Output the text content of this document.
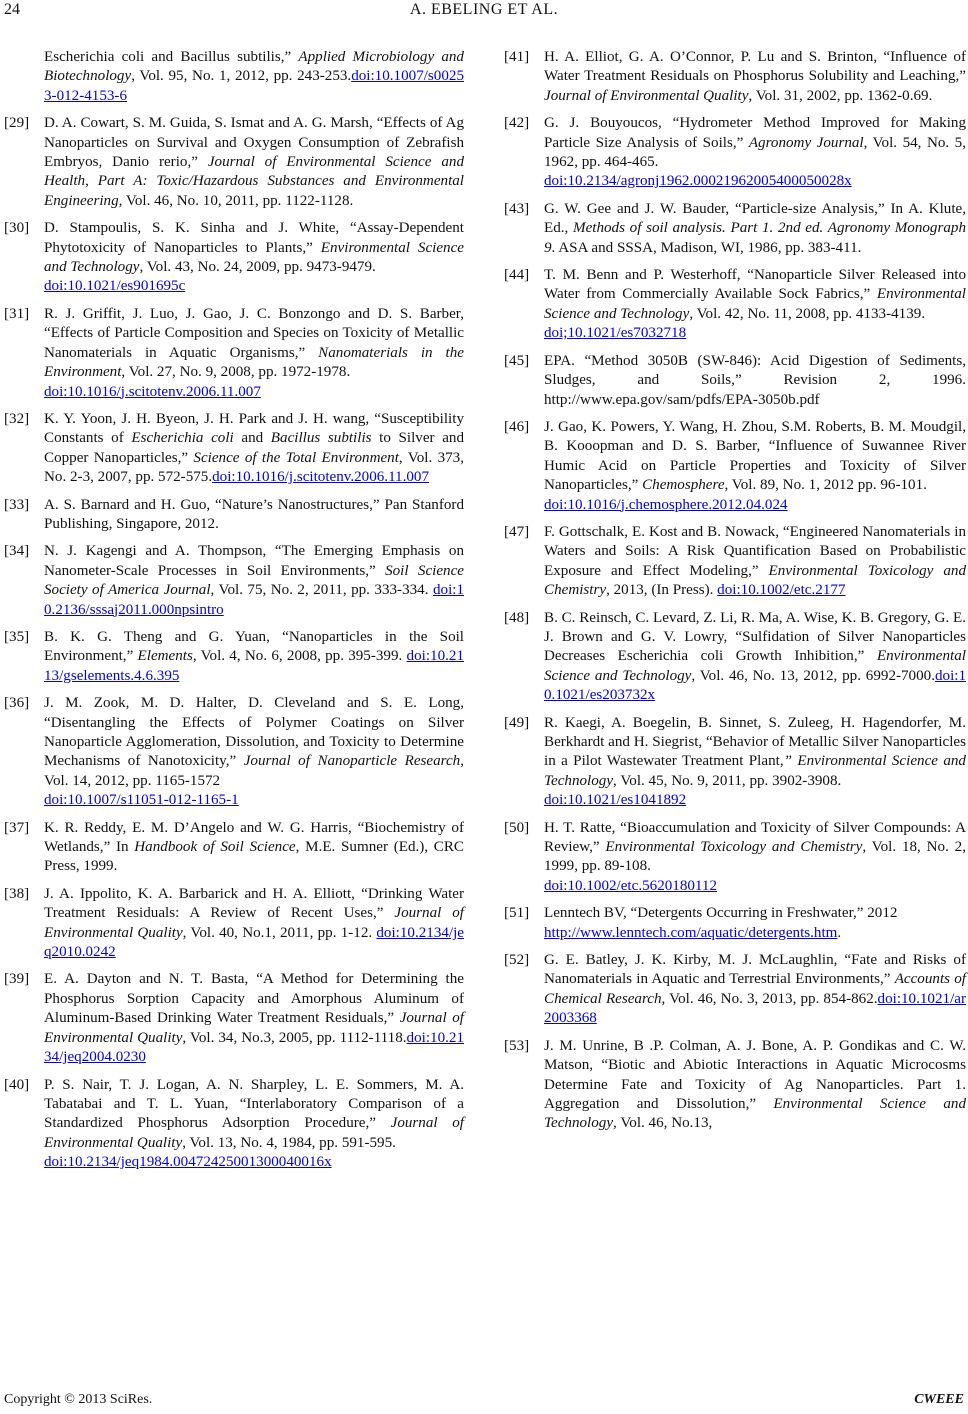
24	A. EBELING ET AL.
Escherichia coli and Bacillus subtilis,” Applied Microbiology and Biotechnology, Vol. 95, No. 1, 2012, pp. 243-253.doi:10.1007/s00253-012-4153-6
[29] D. A. Cowart, S. M. Guida, S. Ismat and A. G. Marsh, “Effects of Ag Nanoparticles on Survival and Oxygen Consumption of Zebrafish Embryos, Danio rerio,” Journal of Environmental Science and Health, Part A: Toxic/Hazardous Substances and Environmental Engineering, Vol. 46, No. 10, 2011, pp. 1122-1128.
[30] D. Stampoulis, S. K. Sinha and J. White, “Assay-Dependent Phytotoxicity of Nanoparticles to Plants,” Environmental Science and Technology, Vol. 43, No. 24, 2009, pp. 9473-9479.
doi:10.1021/es901695c
[31] R. J. Griffit, J. Luo, J. Gao, J. C. Bonzongo and D. S. Barber, “Effects of Particle Composition and Species on Toxicity of Metallic Nanomaterials in Aquatic Organisms,” Nanomaterials in the Environment, Vol. 27, No. 9, 2008, pp. 1972-1978.
doi:10.1016/j.scitotenv.2006.11.007
[32] K. Y. Yoon, J. H. Byeon, J. H. Park and J. H. wang, “Susceptibility Constants of Escherichia coli and Bacillus subtilis to Silver and Copper Nanoparticles,” Science of the Total Environment, Vol. 373, No. 2-3, 2007, pp. 572-575.doi:10.1016/j.scitotenv.2006.11.007
[33] A. S. Barnard and H. Guo, “Nature’s Nanostructures,” Pan Stanford Publishing, Singapore, 2012.
[34] N. J. Kagengi and A. Thompson, “The Emerging Emphasis on Nanometer-Scale Processes in Soil Environments,” Soil Science Society of America Journal, Vol. 75, No. 2, 2011, pp. 333-334. doi:10.2136/sssaj2011.000npsintro
[35] B. K. G. Theng and G. Yuan, “Nanoparticles in the Soil Environment,” Elements, Vol. 4, No. 6, 2008, pp. 395-399. doi:10.2113/gselements.4.6.395
[36] J. M. Zook, M. D. Halter, D. Cleveland and S. E. Long, “Disentangling the Effects of Polymer Coatings on Silver Nanoparticle Agglomeration, Dissolution, and Toxicity to Determine Mechanisms of Nanotoxicity,” Journal of Nanoparticle Research, Vol. 14, 2012, pp. 1165-1572
doi:10.1007/s11051-012-1165-1
[37] K. R. Reddy, E. M. D’Angelo and W. G. Harris, “Biochemistry of Wetlands,” In Handbook of Soil Science, M.E. Sumner (Ed.), CRC Press, 1999.
[38] J. A. Ippolito, K. A. Barbarick and H. A. Elliott, “Drinking Water Treatment Residuals: A Review of Recent Uses,” Journal of Environmental Quality, Vol. 40, No.1, 2011, pp. 1-12. doi:10.2134/jeq2010.0242
[39] E. A. Dayton and N. T. Basta, “A Method for Determining the Phosphorus Sorption Capacity and Amorphous Aluminum of Aluminum-Based Drinking Water Treatment Residuals,” Journal of Environmental Quality, Vol. 34, No.3, 2005, pp. 1112-1118.doi:10.2134/jeq2004.0230
[40] P. S. Nair, T. J. Logan, A. N. Sharpley, L. E. Sommers, M. A. Tabatabai and T. L. Yuan, “Interlaboratory Comparison of a Standardized Phosphorus Adsorption Procedure,” Journal of Environmental Quality, Vol. 13, No. 4, 1984, pp. 591-595.
doi:10.2134/jeq1984.00472425001300040016x
[41] H. A. Elliot, G. A. O’Connor, P. Lu and S. Brinton, “Influence of Water Treatment Residuals on Phosphorus Solubility and Leaching,” Journal of Environmental Quality, Vol. 31, 2002, pp. 1362-0.69.
[42] G. J. Bouyoucos, “Hydrometer Method Improved for Making Particle Size Analysis of Soils,” Agronomy Journal, Vol. 54, No. 5, 1962, pp. 464-465.
doi:10.2134/agronj1962.00021962005400050028x
[43] G. W. Gee and J. W. Bauder, “Particle-size Analysis,” In A. Klute, Ed., Methods of soil analysis. Part 1. 2nd ed. Agronomy Monograph 9. ASA and SSSA, Madison, WI, 1986, pp. 383-411.
[44] T. M. Benn and P. Westerhoff, “Nanoparticle Silver Released into Water from Commercially Available Sock Fabrics,” Environmental Science and Technology, Vol. 42, No. 11, 2008, pp. 4133-4139.
doi;10.1021/es7032718
[45] EPA. “Method 3050B (SW-846): Acid Digestion of Sediments, Sludges, and Soils,” Revision 2, 1996. http://www.epa.gov/sam/pdfs/EPA-3050b.pdf
[46] J. Gao, K. Powers, Y. Wang, H. Zhou, S.M. Roberts, B. M. Moudgil, B. Kooopman and D. S. Barber, “Influence of Suwannee River Humic Acid on Particle Properties and Toxicity of Silver Nanoparticles,” Chemosphere, Vol. 89, No. 1, 2012 pp. 96-101.
doi:10.1016/j.chemosphere.2012.04.024
[47] F. Gottschalk, E. Kost and B. Nowack, “Engineered Nanomaterials in Waters and Soils: A Risk Quantification Based on Probabilistic Exposure and Effect Modeling,” Environmental Toxicology and Chemistry, 2013, (In Press). doi:10.1002/etc.2177
[48] B. C. Reinsch, C. Levard, Z. Li, R. Ma, A. Wise, K. B. Gregory, G. E. J. Brown and G. V. Lowry, “Sulfidation of Silver Nanoparticles Decreases Escherichia coli Growth Inhibition,” Environmental Science and Technology, Vol. 46, No. 13, 2012, pp. 6992-7000.doi:10.1021/es203732x
[49] R. Kaegi, A. Boegelin, B. Sinnet, S. Zuleeg, H. Hagendorfer, M. Berkhardt and H. Siegrist, “Behavior of Metallic Silver Nanoparticles in a Pilot Wastewater Treatment Plant,” Environmental Science and Technology, Vol. 45, No. 9, 2011, pp. 3902-3908.
doi:10.1021/es1041892
[50] H. T. Ratte, “Bioaccumulation and Toxicity of Silver Compounds: A Review,” Environmental Toxicology and Chemistry, Vol. 18, No. 2, 1999, pp. 89-108.
doi:10.1002/etc.5620180112
[51] Lenntech BV, “Detergents Occurring in Freshwater,” 2012
http://www.lenntech.com/aquatic/detergents.htm.
[52] G. E. Batley, J. K. Kirby, M. J. McLaughlin, “Fate and Risks of Nanomaterials in Aquatic and Terrestrial Environments,” Accounts of Chemical Research, Vol. 46, No. 3, 2013, pp. 854-862.doi:10.1021/ar2003368
[53] J. M. Unrine, B .P. Colman, A. J. Bone, A. P. Gondikas and C. W. Matson, “Biotic and Abiotic Interactions in Aquatic Microcosms Determine Fate and Toxicity of Ag Nanoparticles. Part 1. Aggregation and Dissolution,” Environmental Science and Technology, Vol. 46, No.13,
Copyright © 2013 SciRes.	CWEEE
